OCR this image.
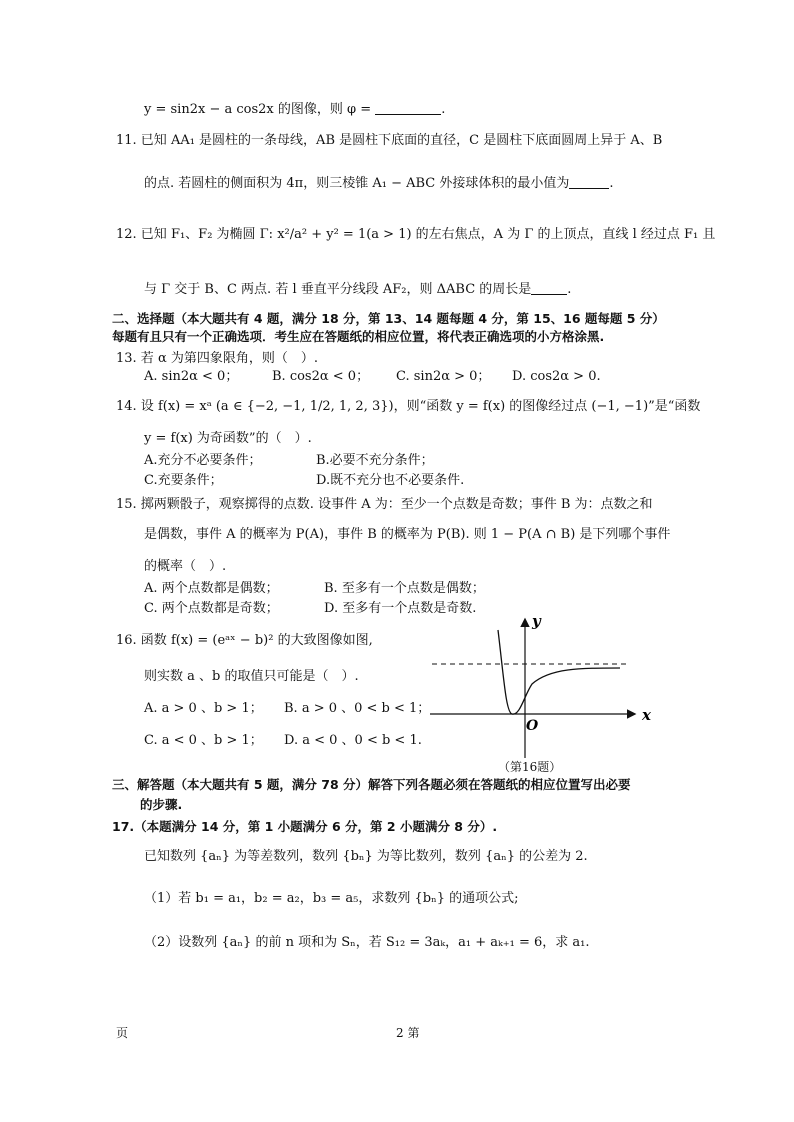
y = sin2x − a cos2x 的图像，则 φ =	.
11. 已知 AA₁ 是圆柱的一条母线，AB 是圆柱下底面的直径，C 是圆柱下底面圆周上异于 A、B
的点. 若圆柱的侧面积为 4π，则三棱锥 A₁ − ABC 外接球体积的最小值为	.
12. 已知 F₁、F₂ 为椭圆 Γ: x²/a² + y² = 1(a > 1) 的左右焦点，A 为 Γ 的上顶点，直线 l 经过点 F₁ 且
与 Γ 交于 B、C 两点. 若 l 垂直平分线段 AF₂，则 ΔABC 的周长是	.
二、选择题（本大题共有 4 题，满分 18 分，第 13、14 题每题 4 分，第 15、16 题每题 5 分）
每题有且只有一个正确选项．考生应在答题纸的相应位置，将代表正确选项的小方格涂黑.
13. 若 α 为第四象限角，则（　）.
A. sin2α < 0；	B. cos2α < 0；	C. sin2α > 0；	D. cos2α > 0.
14. 设 f(x) = xᵃ (a ∈ {−2, −1, 1/2, 1, 2, 3})，则“函数 y = f(x) 的图像经过点 (−1, −1)”是“函数
y = f(x) 为奇函数”的（　）.
A.充分不必要条件；	B.必要不充分条件；
C.充要条件；	D.既不充分也不必要条件.
15. 掷两颗骰子，观察掷得的点数. 设事件 A 为：至少一个点数是奇数；事件 B 为：点数之和
是偶数，事件 A 的概率为 P(A)，事件 B 的概率为 P(B). 则 1 − P(A ∩ B) 是下列哪个事件
的概率（　）.
A. 两个点数都是偶数；	B. 至多有一个点数是偶数；
C. 两个点数都是奇数；	D. 至多有一个点数是奇数.
16. 函数 f(x) = (eᵃˣ − b)² 的大致图像如图,
则实数 a 、b 的取值只可能是（　）.
A. a > 0 、b > 1；	B. a > 0 、0 < b < 1；
C. a < 0 、b > 1；	D. a < 0 、0 < b < 1.
y
x
O
（第16题）
三、解答题（本大题共有 5 题，满分 78 分）解答下列各题必须在答题纸的相应位置写出必要
的步骤.
17.（本题满分 14 分，第 1 小题满分 6 分，第 2 小题满分 8 分）.
已知数列 {aₙ} 为等差数列，数列 {bₙ} 为等比数列，数列 {aₙ} 的公差为 2.
（1）若 b₁ = a₁，b₂ = a₂，b₃ = a₅，求数列 {bₙ} 的通项公式;
（2）设数列 {aₙ} 的前 n 项和为 Sₙ，若 S₁₂ = 3aₖ，a₁ + aₖ₊₁ = 6，求 a₁.
页	2 第
